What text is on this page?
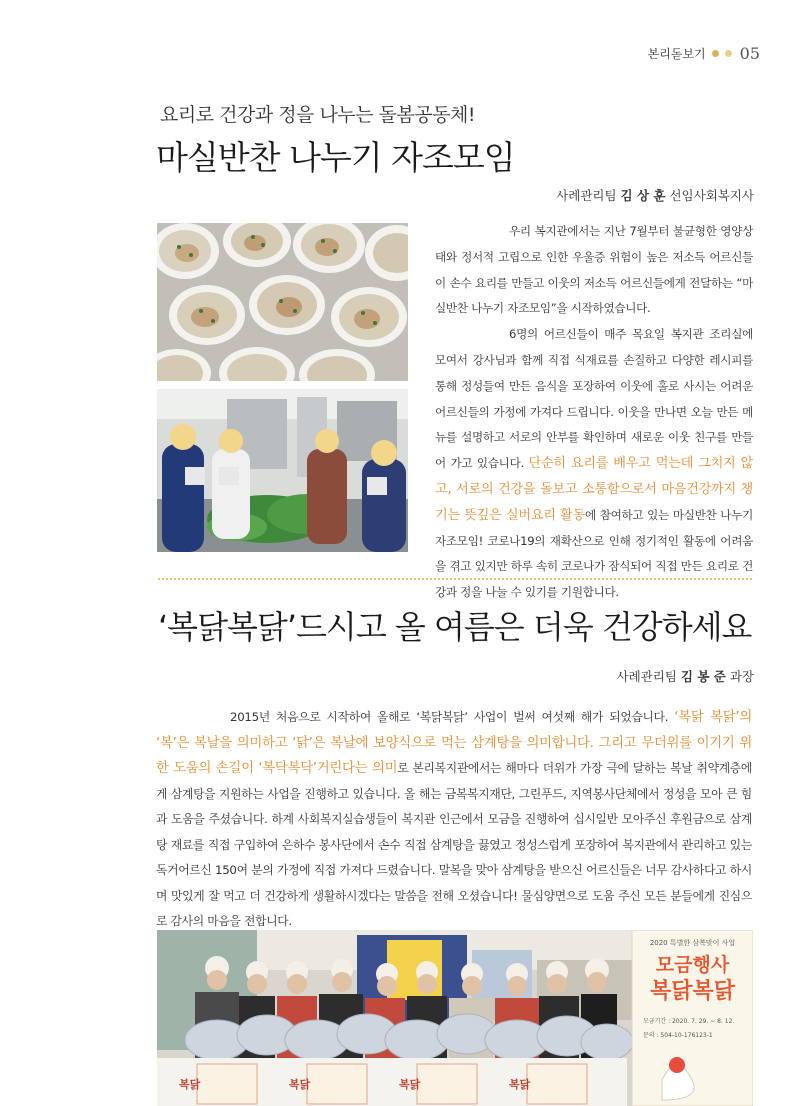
본리돋보기 05
요리로 건강과 정을 나누는 돌봄공동체!
마실반찬 나누기 자조모임
사례관리팀 김 상 훈 선임사회복지사

우리 복지관에서는 지난 7월부터 불균형한 영양상태와 정서적 고립으로 인한 우울증 위험이 높은 저소득 어르신들이 손수 요리를 만들고 이웃의 저소득 어르신들에게 전달하는 “마실반찬 나누기 자조모임”을 시작하였습니다.

6명의 어르신들이 매주 목요일 복지관 조리실에 모여서 강사님과 함께 직접 식재료를 손질하고 다양한 레시피를 통해 정성들여 만든 음식을 포장하여 이웃에 홀로 사시는 어려운 어르신들의 가정에 가져다 드립니다. 이웃을 만나면 오늘 만든 메뉴를 설명하고 서로의 안부를 확인하며 새로운 이웃 친구를 만들어 가고 있습니다. 단순히 요리를 배우고 먹는데 그치지 않고, 서로의 건강을 돌보고 소통함으로서 마음건강까지 챙기는 뜻깊은 실버요리 활동에 참여하고 있는 마실반찬 나누기 자조모임! 코로나19의 재확산으로 인해 정기적인 활동에 어려움을 겪고 있지만 하루 속히 코로나가 잠식되어 직접 만든 요리로 건강과 정을 나눌 수 있기를 기원합니다.

‘복닭복닭’드시고 올 여름은 더욱 건강하세요
사례관리팀 김 봉 준 과장

2015년 처음으로 시작하여 올해로 ‘복닭복닭’ 사업이 벌써 여섯째 해가 되었습니다. ‘복닭 복닭’의 ‘복’은 복날을 의미하고 ‘닭’은 복날에 보양식으로 먹는 삼계탕을 의미합니다. 그리고 무더위를 이기기 위한 도움의 손길이 ‘복닥복닥’거린다는 의미로 본리복지관에서는 해마다 더위가 가장 극에 달하는 복날 취약계층에게 삼계탕을 지원하는 사업을 진행하고 있습니다. 올 해는 금복복지재단, 그린푸드, 지역봉사단체에서 정성을 모아 큰 힘과 도움을 주셨습니다. 하계 사회복지실습생들이 복지관 인근에서 모금을 진행하여 십시일반 모아주신 후원금으로 삼계탕 재료를 직접 구입하여 은하수 봉사단에서 손수 직접 삼계탕을 끓였고 정성스럽게 포장하여 복지관에서 관리하고 있는 독거어르신 150여 분의 가정에 직접 가져다 드렸습니다. 말복을 맞아 삼계탕을 받으신 어르신들은 너무 감사하다고 하시며 맛있게 잘 먹고 더 건강하게 생활하시겠다는 말씀을 전해 오셨습니다! 물심양면으로 도움 주신 모든 분들에게 진심으로 감사의 마음을 전합니다.

복닭	복닭	복닭	복닭
2020 특별한 삼복맞이 사업
모금행사
복닭복닭
모금기간 : 2020. 7. 29. ~ 8. 12.
문의 : 504-10-176123-1
